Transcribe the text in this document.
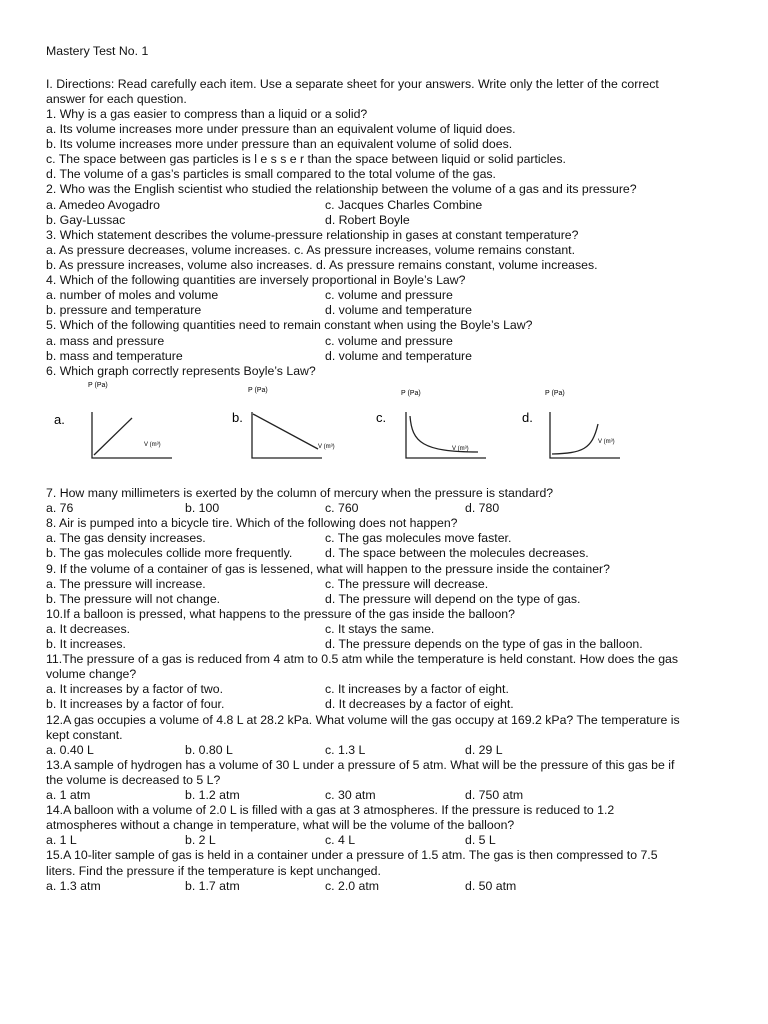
Mastery Test No. 1
I. Directions: Read carefully each item. Use a separate sheet for your answers. Write only the letter of the correct
answer for each question.
1. Why is a gas easier to compress than a liquid or a solid?
a. Its volume increases more under pressure than an equivalent volume of liquid does.
b. Its volume increases more under pressure than an equivalent volume of solid does.
c. The space between gas particles is l e s s e r than the space between liquid or solid particles.
d. The volume of a gas’s particles is small compared to the total volume of the gas.
2. Who was the English scientist who studied the relationship between the volume of a gas and its pressure?
a. Amedeo Avogadro	c. Jacques Charles Combine
b. Gay-Lussac	d. Robert Boyle
3. Which statement describes the volume-pressure relationship in gases at constant temperature?
a. As pressure decreases, volume increases. c. As pressure increases, volume remains constant.
b. As pressure increases, volume also increases. d. As pressure remains constant, volume increases.
4. Which of the following quantities are inversely proportional in Boyle’s Law?
a. number of moles and volume	c. volume and pressure
b. pressure and temperature	d. volume and temperature
5. Which of the following quantities need to remain constant when using the Boyle’s Law?
a. mass and pressure	c. volume and pressure
b. mass and temperature	d. volume and temperature
6. Which graph correctly represents Boyle’s Law?
7. How many millimeters is exerted by the column of mercury when the pressure is standard?
a. 76	b. 100	c. 760	d. 780
8. Air is pumped into a bicycle tire. Which of the following does not happen?
a. The gas density increases.	c. The gas molecules move faster.
b. The gas molecules collide more frequently.	d. The space between the molecules decreases.
9. If the volume of a container of gas is lessened, what will happen to the pressure inside the container?
a. The pressure will increase.	c. The pressure will decrease.
b. The pressure will not change.	d. The pressure will depend on the type of gas.
10.If a balloon is pressed, what happens to the pressure of the gas inside the balloon?
a. It decreases.	c. It stays the same.
b. It increases.	d. The pressure depends on the type of gas in the balloon.
11.The pressure of a gas is reduced from 4 atm to 0.5 atm while the temperature is held constant. How does the gas
volume change?
a. It increases by a factor of two.	c. It increases by a factor of eight.
b. It increases by a factor of four.	d. It decreases by a factor of eight.
12.A gas occupies a volume of 4.8 L at 28.2 kPa. What volume will the gas occupy at 169.2 kPa? The temperature is
kept constant.
a. 0.40 L	b. 0.80 L	c. 1.3 L	d. 29 L
13.A sample of hydrogen has a volume of 30 L under a pressure of 5 atm. What will be the pressure of this gas be if
the volume is decreased to 5 L?
a. 1 atm	b. 1.2 atm	c. 30 atm	d. 750 atm
14.A balloon with a volume of 2.0 L is filled with a gas at 3 atmospheres. If the pressure is reduced to 1.2
atmospheres without a change in temperature, what will be the volume of the balloon?
a. 1 L	b. 2 L	c. 4 L	d. 5 L
15.A 10-liter sample of gas is held in a container under a pressure of 1.5 atm. The gas is then compressed to 7.5
liters. Find the pressure if the temperature is kept unchanged.
a. 1.3 atm	b. 1.7 atm	c. 2.0 atm	d. 50 atm
a.
P (Pa)
V (m³)
b.
P (Pa)
V (m³)
c.
P (Pa)
V (m³)
d.
P (Pa)
V (m³)
